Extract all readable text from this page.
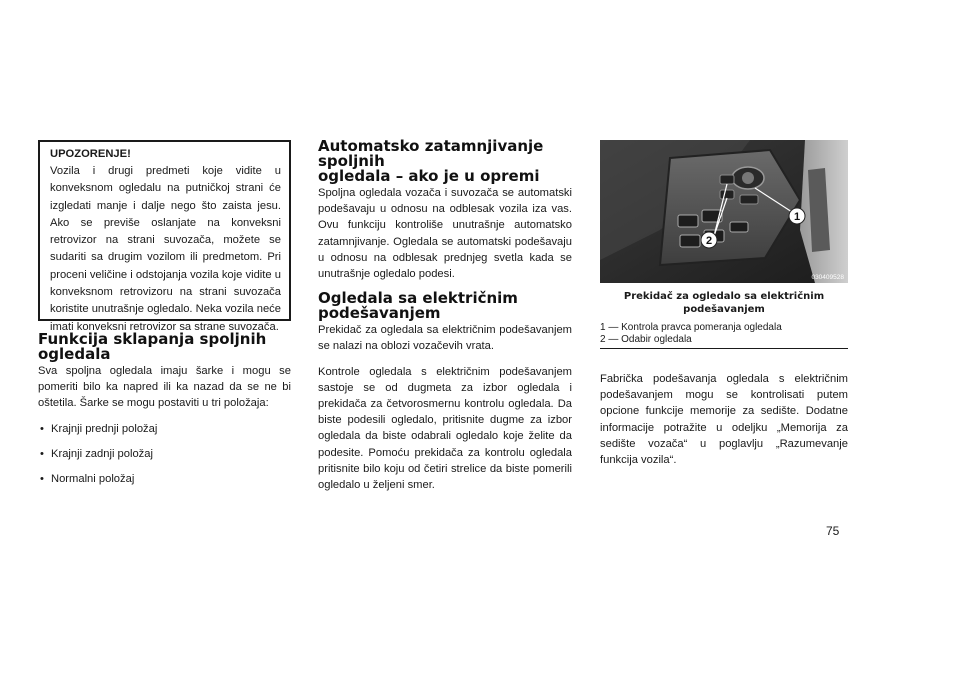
UPOZORENJE!

Vozila i drugi predmeti koje vidite u konveksnom ogledalu na putničkoj strani će izgledati manje i dalje nego što zaista jesu. Ako se previše oslanjate na konveksni retrovizor na strani suvozača, možete se sudariti sa drugim vozilom ili predmetom. Pri proceni veličine i odstojanja vozila koje vidite u konveksnom retrovizoru na strani suvozača koristite unutrašnje ogledalo. Neka vozila neće imati konveksni retrovizor sa strane suvozača.

Funkcija sklapanja spoljnih ogledala

Sva spoljna ogledala imaju šarke i mogu se pomeriti bilo ka napred ili ka nazad da se ne bi oštetila. Šarke se mogu postaviti u tri položaja:

• Krajnji prednji položaj
• Krajnji zadnji položaj
• Normalni položaj
Automatsko zatamnjivanje spoljnih
ogledala – ako je u opremi

Spoljna ogledala vozača i suvozača se automatski podešavaju u odnosu na odblesak vozila iza vas. Ovu funkciju kontroliše unutrašnje automatsko zatamnjivanje. Ogledala se automatski podešavaju u odnosu na odblesak prednjeg svetla kada se unutrašnje ogledalo podesi.

Ogledala sa električnim
podešavanjem

Prekidač za ogledala sa električnim podešavanjem se nalazi na oblozi vozačevih vrata.

Kontrole ogledala s električnim podešavanjem sastoje se od dugmeta za izbor ogledala i prekidača za četvorosmernu kontrolu ogledala. Da biste podesili ogledalo, pritisnite dugme za izbor ogledala da biste odabrali ogledalo koje želite da podesite. Pomoću prekidača za kontrolu ogledala pritisnite bilo koju od četiri strelice da biste pomerili ogledalo u željeni smer.

1
2
030409528
Prekidač za ogledalo sa električnim
podešavanjem
1 — Kontrola pravca pomeranja ogledala
2 — Odabir ogledala

Fabrička podešavanja ogledala s električnim podešavanjem mogu se kontrolisati putem opcione funkcije memorije za sedište. Dodatne informacije potražite u odeljku „Memorija za sedište vozača“ u poglavlju „Razumevanje funkcija vozila“.

75
